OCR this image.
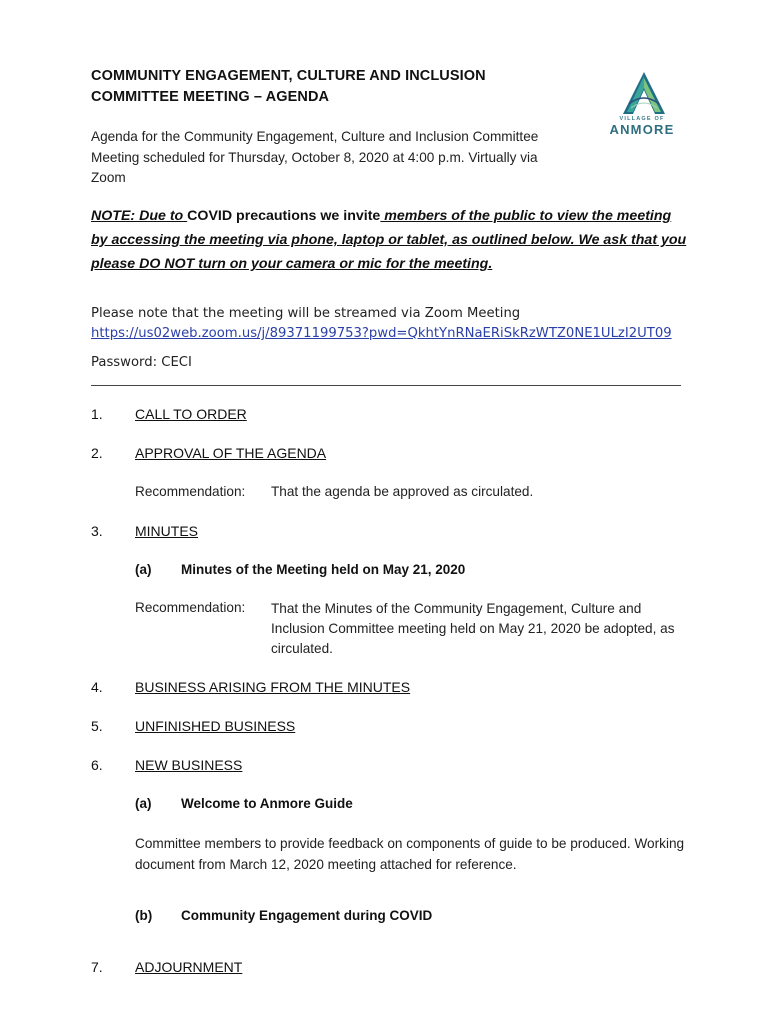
COMMUNITY ENGAGEMENT, CULTURE AND INCLUSION
COMMITTEE MEETING – AGENDA
Agenda for the Community Engagement, Culture and Inclusion Committee Meeting scheduled for Thursday, October 8, 2020 at 4:00 p.m. Virtually via Zoom
VILLAGE OF
ANMORE
NOTE: Due to COVID precautions we invite members of the public to view the meeting by accessing the meeting via phone, laptop or tablet, as outlined below. We ask that you please DO NOT turn on your camera or mic for the meeting.
Please note that the meeting will be streamed via Zoom Meeting
https://us02web.zoom.us/j/89371199753?pwd=QkhtYnRNaERiSkRzWTZ0NE1ULzI2UT09
Password: CECI
1. CALL TO ORDER
2. APPROVAL OF THE AGENDA
Recommendation: That the agenda be approved as circulated.
3. MINUTES
(a) Minutes of the Meeting held on May 21, 2020
Recommendation: That the Minutes of the Community Engagement, Culture and Inclusion Committee meeting held on May 21, 2020 be adopted, as circulated.
4. BUSINESS ARISING FROM THE MINUTES
5. UNFINISHED BUSINESS
6. NEW BUSINESS
(a) Welcome to Anmore Guide
Committee members to provide feedback on components of guide to be produced. Working document from March 12, 2020 meeting attached for reference.
(b) Community Engagement during COVID
7. ADJOURNMENT
